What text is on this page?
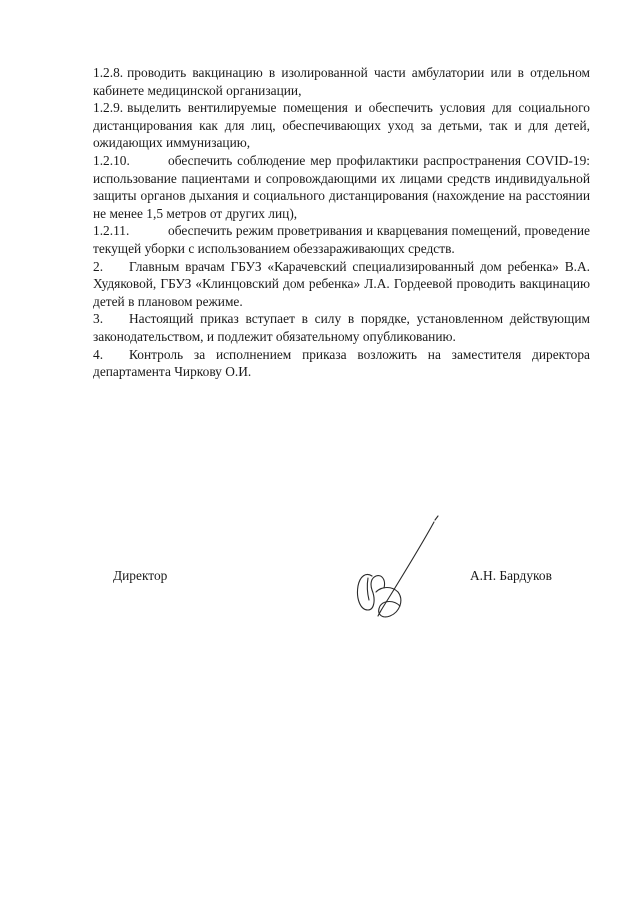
1.2.8. проводить вакцинацию в изолированной части амбулатории или в отдельном кабинете медицинской организации,

1.2.9. выделить вентилируемые помещения и обеспечить условия для социального дистанцирования как для лиц, обеспечивающих уход за детьми, так и для детей, ожидающих иммунизацию,

1.2.10.	обеспечить соблюдение мер профилактики распространения COVID-19: использование пациентами и сопровождающими их лицами средств индивидуальной защиты органов дыхания и социального дистанцирования (нахождение на расстоянии не менее 1,5 метров от других лиц),

1.2.11.	обеспечить режим проветривания и кварцевания помещений, проведение текущей уборки с использованием обеззараживающих средств.

2. Главным врачам ГБУЗ «Карачевский специализированный дом ребенка» В.А. Худяковой, ГБУЗ «Клинцовский дом ребенка» Л.А. Гордеевой проводить вакцинацию детей в плановом режиме.

3. Настоящий приказ вступает в силу в порядке, установленном действующим законодательством, и подлежит обязательному опубликованию.

4. Контроль за исполнением приказа возложить на заместителя директора департамента Чиркову О.И.

Директор	А.Н. Бардуков
